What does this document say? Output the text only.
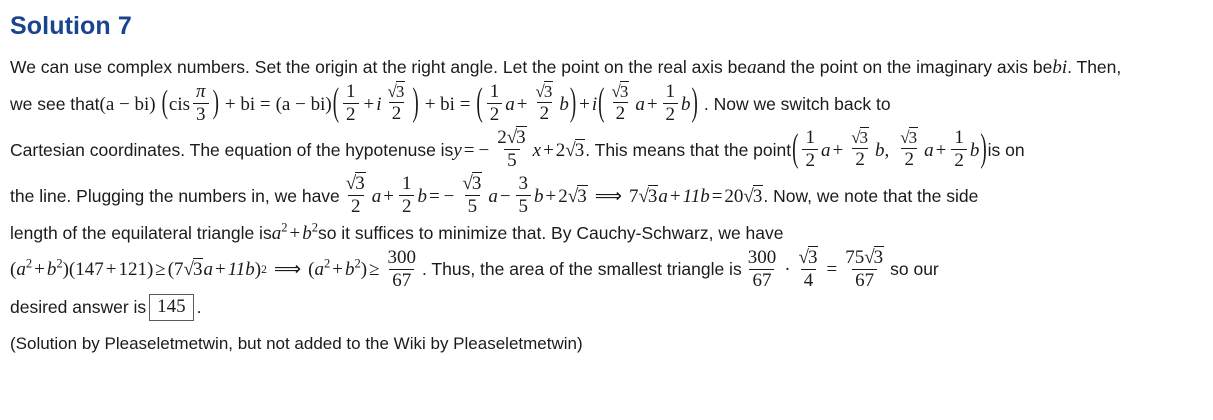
Solution 7
We can use complex numbers. Set the origin at the right angle. Let the point on the real axis be a and the point on the imaginary axis be bi . Then,
we see that (a − bi) ( cis $\frac{\pi}{3}$ ) + bi = (a − bi) ( $\frac{1}{2} + i \frac{√3}{2}$ ) + bi = ( $\frac{1}{2}$ $a + \frac{√3}{2}$ b ) + i ( $\frac{√3}{2}$ $a + \frac{1}{2}$ b ) . Now we switch back to
Cartesian coordinates. The equation of the hypotenuse is y = − $\frac{2√3}{5}$ x + 2√3 . This means that the point ( $\frac{1}{2}$ $a + \frac{√3}{2}$ b , $\frac{√3}{2}$ $a + \frac{1}{2}$ b ) is on
the line. Plugging the numbers in, we have $\frac{√3}{2}$ $a + \frac{1}{2}$ b = − $\frac{√3}{5}$ $a - \frac{3}{5}$ b + 2√3 ⟹ 7√3a + 11b = 20√3 . Now, we note that the side
length of the equilateral triangle is $a^2 + b^2$ so it suffices to minimize that. By Cauchy-Schwarz, we have
( $a^2 + b^2$ )( 147 + 121 ) ≥ ( 7√3a + 11b ) 2 ⟹ ( $a^2 + b^2$ ) ≥ $\frac{300}{67}$ . Thus, the area of the smallest triangle is $\frac{300}{67} \cdot \frac{√3}{4} = \frac{75√3}{67}$ so our
desired answer is 145 .
(Solution by Pleaseletmetwin, but not added to the Wiki by Pleaseletmetwin)
